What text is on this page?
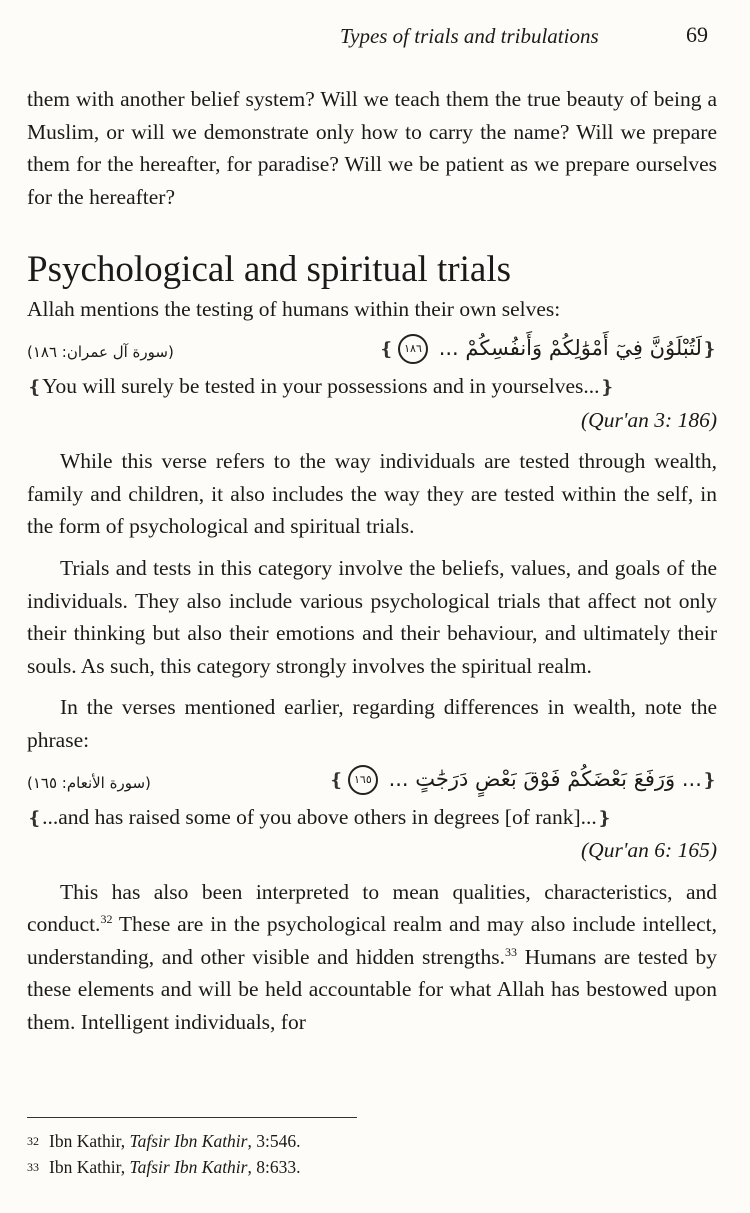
Types of trials and tribulations	69

them with another belief system? Will we teach them the true beauty of being a Muslim, or will we demonstrate only how to carry the name? Will we prepare them for the hereafter, for paradise? Will we be patient as we prepare ourselves for the hereafter?

Psychological and spiritual trials

Allah mentions the testing of humans within their own selves:

(سورة آل عمران: ١٨٦)	❴لَتُبْلَوُنَّ فِيٓ أَمْوَٰلِكُمْ وَأَنفُسِكُمْ ... ١٨٦❵

❴You will surely be tested in your possessions and in yourselves...❵

(Qur'an 3: 186)

While this verse refers to the way individuals are tested through wealth, family and children, it also includes the way they are tested within the self, in the form of psychological and spiritual trials.

Trials and tests in this category involve the beliefs, values, and goals of the individuals. They also include various psychological trials that affect not only their thinking but also their emotions and their behaviour, and ultimately their souls. As such, this category strongly involves the spiritual realm.

In the verses mentioned earlier, regarding differences in wealth, note the phrase:

(سورة الأنعام: ١٦٥)	❴... وَرَفَعَ بَعْضَكُمْ فَوْقَ بَعْضٍ دَرَجَٰتٍ ... ١٦٥❵

❴...and has raised some of you above others in degrees [of rank]...❵

(Qur'an 6: 165)

This has also been interpreted to mean qualities, characteristics, and conduct.$^{32}$ These are in the psychological realm and may also include intellect, understanding, and other visible and hidden strengths.$^{33}$ Humans are tested by these elements and will be held accountable for what Allah has bestowed upon them. Intelligent individuals, for

$^{32}$ Ibn Kathir, Tafsir Ibn Kathir, 3:546.
$^{33}$ Ibn Kathir, Tafsir Ibn Kathir, 8:633.
